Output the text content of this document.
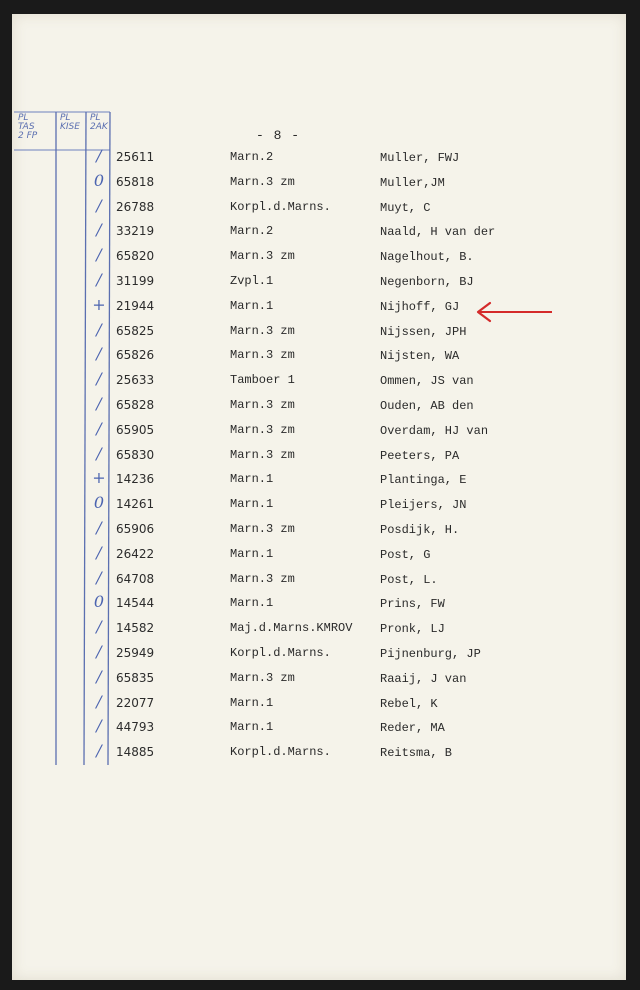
PL
TAS
2 FP
PL
KISE
PL
2AK
- 8 -
/	25611	Marn.2	Muller, FWJ
0 65818	Marn.3 zm	Muller,JM
/	26788	Korpl.d.Marns.	Muyt, C
/	33219	Marn.2	Naald, H van der
/	65820	Marn.3 zm	Nagelhout, B.
/	31199	Zvpl.1	Negenborn, BJ
+ 21944	Marn.1	Nijhoff, GJ
/	65825	Marn.3 zm	Nijssen, JPH
/	65826	Marn.3 zm	Nijsten, WA
/	25633	Tamboer 1	Ommen, JS van
/	65828	Marn.3 zm	Ouden, AB den
/	65905	Marn.3 zm	Overdam, HJ van
/	65830	Marn.3 zm	Peeters, PA
+ 14236	Marn.1	Plantinga, E
0 14261	Marn.1	Pleijers, JN
/	65906	Marn.3 zm	Posdijk, H.
/	26422	Marn.1	Post, G
/	64708	Marn.3 zm	Post, L.
0 14544	Marn.1	Prins, FW
/	14582	Maj.d.Marns.KMROV Pronk, LJ
/	25949	Korpl.d.Marns.	Pijnenburg, JP
/	65835	Marn.3 zm	Raaij, J van
/	22077	Marn.1	Rebel, K
/	44793	Marn.1	Reder, MA
/	14885	Korpl.d.Marns.	Reitsma, B
